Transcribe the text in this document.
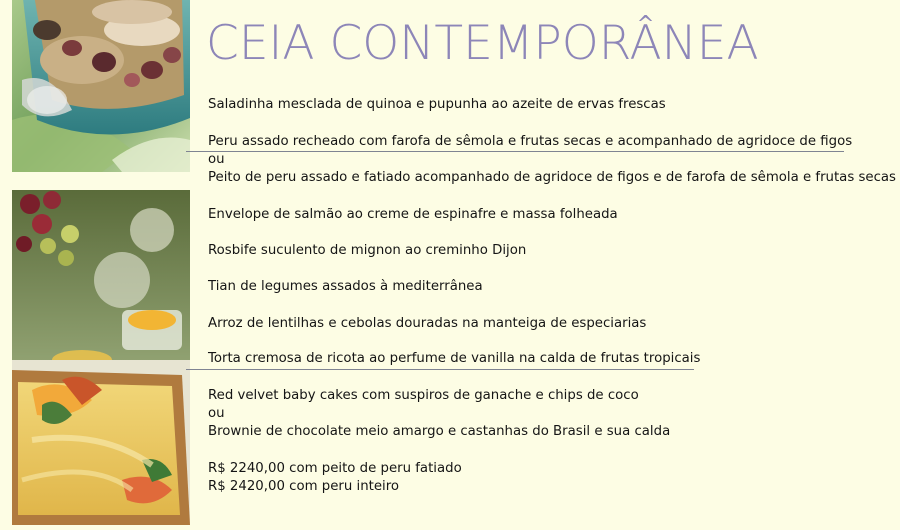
CEIA CONTEMPORÂNEA
Saladinha mesclada de quinoa e pupunha ao azeite de ervas frescas
Peru assado recheado com farofa de sêmola e frutas secas e acompanhado de agridoce de figos
ou
Peito de peru assado e fatiado acompanhado de agridoce de figos e de farofa de sêmola e frutas secas
Envelope de salmão ao creme de espinafre e massa folheada
Rosbife suculento de mignon ao creminho Dijon
Tian de legumes assados à mediterrânea
Arroz de lentilhas e cebolas douradas na manteiga de especiarias
Torta cremosa de ricota ao perfume de vanilla na calda de frutas tropicais
Red velvet baby cakes com suspiros de ganache e chips de coco
ou
Brownie de chocolate meio amargo e castanhas do Brasil e sua calda
R$ 2240,00 com peito de peru fatiado
R$ 2420,00 com peru inteiro
